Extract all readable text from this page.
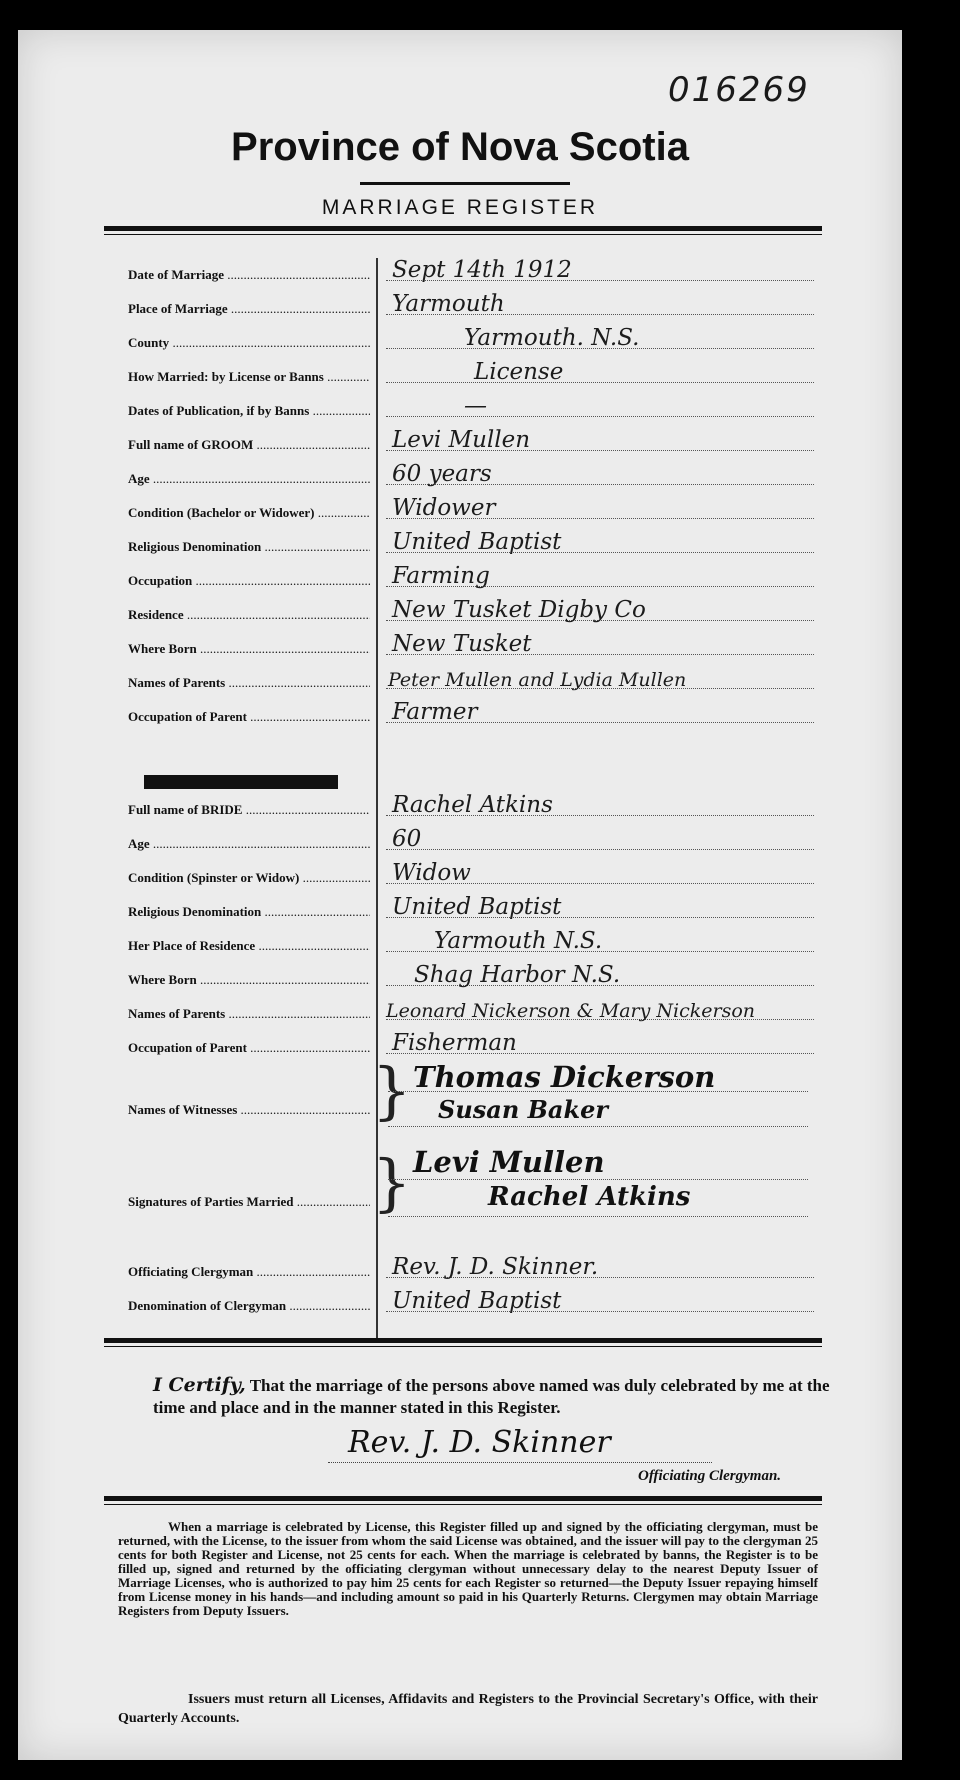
016269
Province of Nova Scotia
MARRIAGE REGISTER
Date of Marriage .....	Sept 14th 1912
Place of Marriage .....	Yarmouth
County .....	Yarmouth. N.S.
How Married: by License or Banns .....	License
Dates of Publication, if by Banns .....	—
Full name of GROOM .....	Levi Mullen
Age .....	60 years
Condition (Bachelor or Widower) .....	Widower
Religious Denomination .....	United Baptist
Occupation .....	Farming
Residence .....	New Tusket Digby Co
Where Born .....	New Tusket
Names of Parents .....	Peter Mullen and Lydia Mullen
Occupation of Parent .....	Farmer
Full name of BRIDE .....	Rachel Atkins
Age .....	60
Condition (Spinster or Widow) .....	Widow
Religious Denomination .....	United Baptist
Her Place of Residence .....	Yarmouth N.S.
Where Born .....	Shag Harbor N.S.
Names of Parents .....	Leonard Nickerson & Mary Nickerson
Occupation of Parent .....	Fisherman
Names of Witnesses .....	} Thomas Dickerson
Susan Baker
Signatures of Parties Married .....	} Levi Mullen
Rachel Atkins
Officiating Clergyman .....	Rev. J. D. Skinner.
Denomination of Clergyman .....	United Baptist
I Certify, That the marriage of the persons above named was duly celebrated by me at the time and place and in the manner stated in this Register.
Rev. J. D. Skinner
Officiating Clergyman.
When a marriage is celebrated by License, this Register filled up and signed by the officiating clergyman, must be returned, with the License, to the issuer from whom the said License was obtained, and the issuer will pay to the clergyman 25 cents for both Register and License, not 25 cents for each. When the marriage is celebrated by banns, the Register is to be filled up, signed and returned by the officiating clergyman without unnecessary delay to the nearest Deputy Issuer of Marriage Licenses, who is authorized to pay him 25 cents for each Register so returned—the Deputy Issuer repaying himself from License money in his hands—and including amount so paid in his Quarterly Returns. Clergymen may obtain Marriage Registers from Deputy Issuers.
Issuers must return all Licenses, Affidavits and Registers to the Provincial Secretary's Office, with their Quarterly Accounts.
